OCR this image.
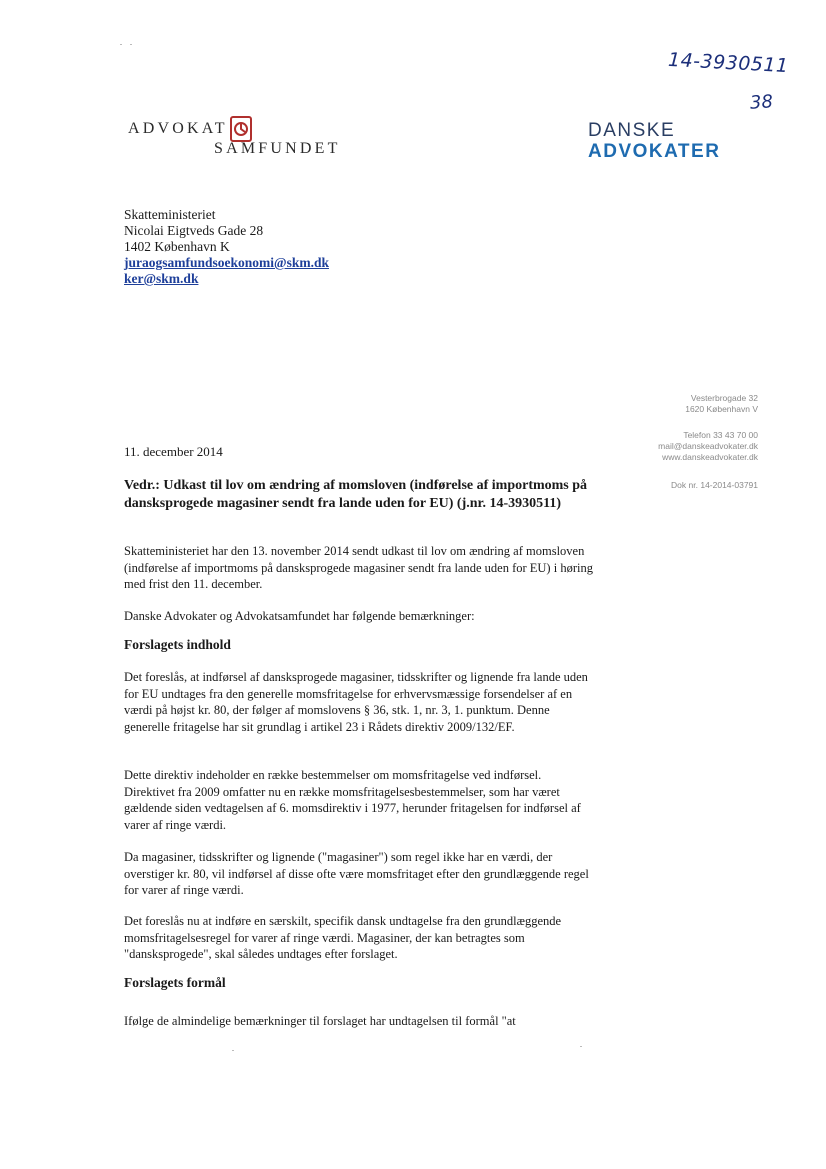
14-3930511
38
ADVOKAT
SAMFUNDET
DANSKE
ADVOKATER
Skatteministeriet
Nicolai Eigtveds Gade 28
1402 København K
juraogsamfundsoekonomi@skm.dk
ker@skm.dk
Vesterbrogade 32
1620 København V
Telefon 33 43 70 00
mail@danskeadvokater.dk
www.danskeadvokater.dk
Dok nr. 14-2014-03791
11. december 2014
Vedr.: Udkast til lov om ændring af momsloven (indførelse af importmoms på dansksprogede magasiner sendt fra lande uden for EU) (j.nr. 14-3930511)
Skatteministeriet har den 13. november 2014 sendt udkast til lov om ændring af momsloven (indførelse af importmoms på dansksprogede magasiner sendt fra lande uden for EU) i høring med frist den 11. december.
Danske Advokater og Advokatsamfundet har følgende bemærkninger:
Forslagets indhold
Det foreslås, at indførsel af dansksprogede magasiner, tidsskrifter og lignende fra lande uden for EU undtages fra den generelle momsfritagelse for erhvervsmæssige forsendelser af en værdi på højst kr. 80, der følger af momslovens § 36, stk. 1, nr. 3, 1. punktum. Denne generelle fritagelse har sit grundlag i artikel 23 i Rådets direktiv 2009/132/EF.
Dette direktiv indeholder en række bestemmelser om momsfritagelse ved indførsel. Direktivet fra 2009 omfatter nu en række momsfritagelsesbestemmelser, som har været gældende siden vedtagelsen af 6. momsdirektiv i 1977, herunder fritagelsen for indførsel af varer af ringe værdi.
Da magasiner, tidsskrifter og lignende ("magasiner") som regel ikke har en værdi, der overstiger kr. 80, vil indførsel af disse ofte være momsfritaget efter den grundlæggende regel for varer af ringe værdi.
Det foreslås nu at indføre en særskilt, specifik dansk undtagelse fra den grundlæggende momsfritagelsesregel for varer af ringe værdi. Magasiner, der kan betragtes som "dansksprogede", skal således undtages efter forslaget.
Forslagets formål
Ifølge de almindelige bemærkninger til forslaget har undtagelsen til formål "at
